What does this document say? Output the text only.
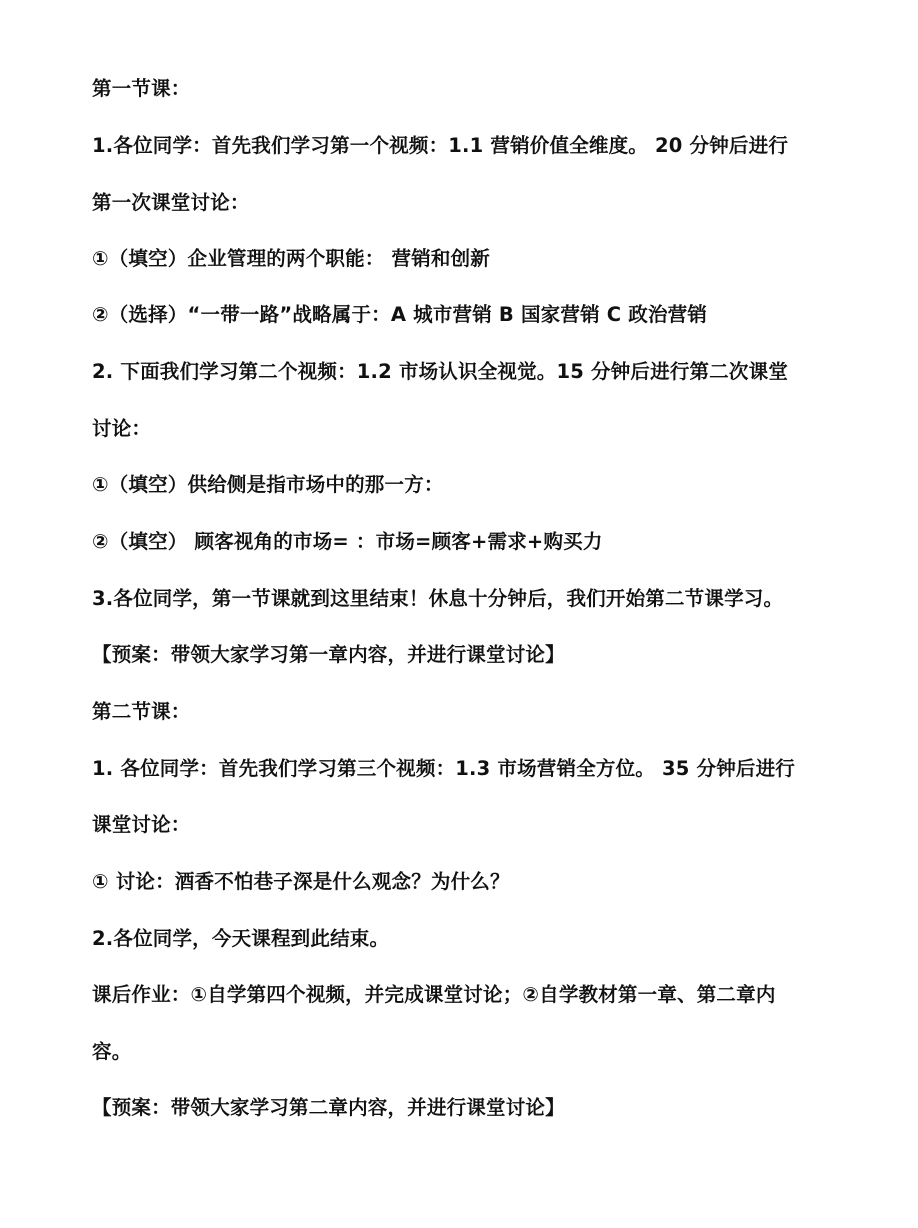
第一节课：
1.各位同学：首先我们学习第一个视频：1.1 营销价值全维度。 20 分钟后进行
第一次课堂讨论：
①（填空）企业管理的两个职能： 营销和创新
②（选择）“一带一路”战略属于：A 城市营销 B 国家营销 C 政治营销
2. 下面我们学习第二个视频：1.2 市场认识全视觉。15 分钟后进行第二次课堂
讨论：
①（填空）供给侧是指市场中的那一方：
②（填空） 顾客视角的市场= ：市场=顾客+需求+购买力
3.各位同学，第一节课就到这里结束！休息十分钟后，我们开始第二节课学习。
【预案：带领大家学习第一章内容，并进行课堂讨论】
第二节课：
1. 各位同学：首先我们学习第三个视频：1.3 市场营销全方位。 35 分钟后进行
课堂讨论：
① 讨论：酒香不怕巷子深是什么观念？为什么？
2.各位同学，今天课程到此结束。
课后作业：①自学第四个视频，并完成课堂讨论；②自学教材第一章、第二章内
容。
【预案：带领大家学习第二章内容，并进行课堂讨论】
